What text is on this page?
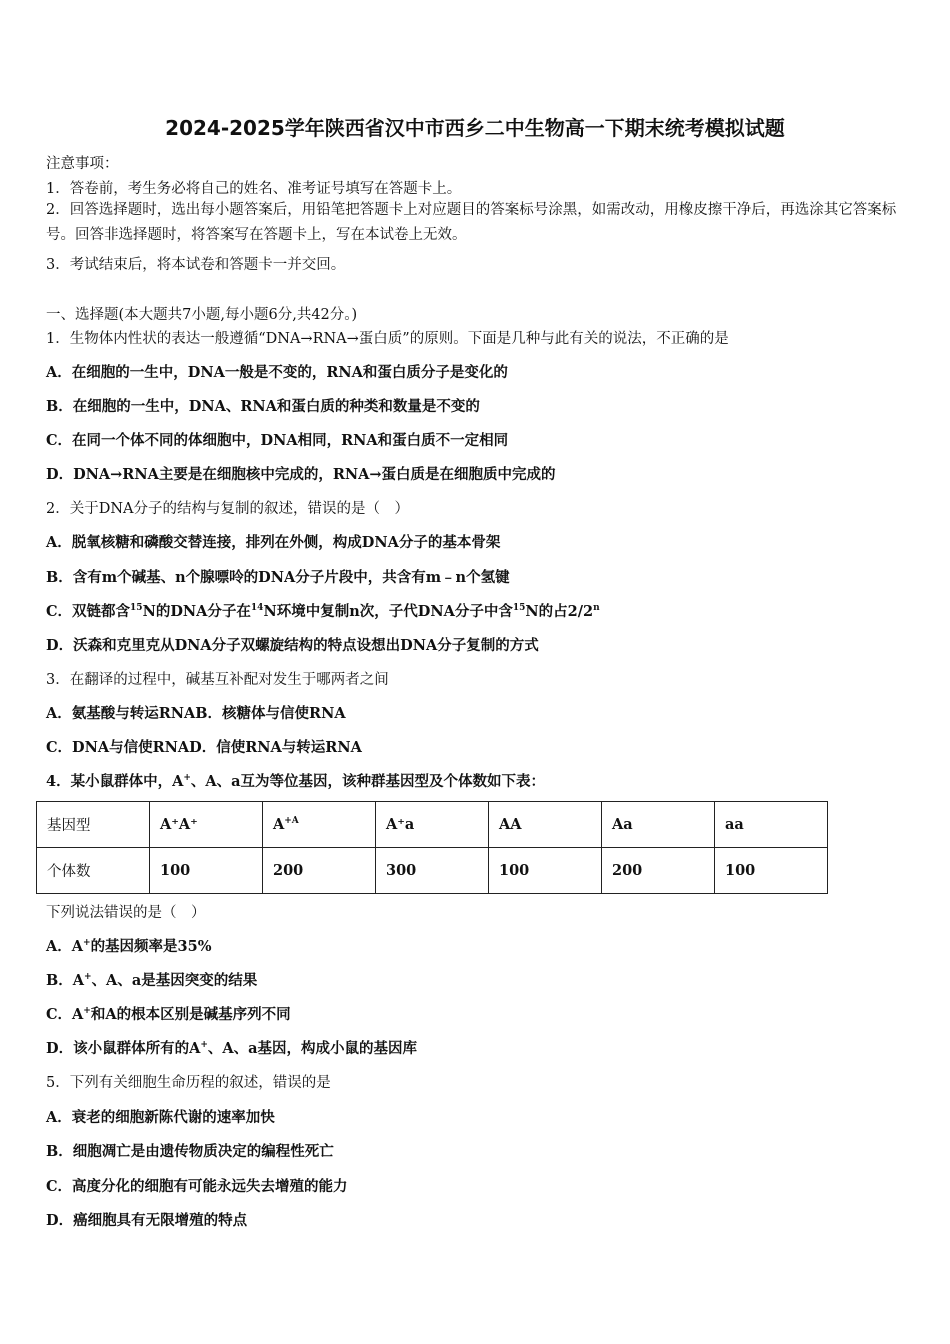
2024-2025学年陕西省汉中市西乡二中生物高一下期末统考模拟试题
注意事项：
1．答卷前，考生务必将自己的姓名、准考证号填写在答题卡上。
2．回答选择题时，选出每小题答案后，用铅笔把答题卡上对应题目的答案标号涂黑，如需改动，用橡皮擦干净后，再选涂其它答案标号。回答非选择题时，将答案写在答题卡上，写在本试卷上无效。
3．考试结束后，将本试卷和答题卡一并交回。
一、选择题(本大题共7小题,每小题6分,共42分。)
1．生物体内性状的表达一般遵循“DNA→RNA→蛋白质”的原则。下面是几种与此有关的说法，不正确的是
A．在细胞的一生中，DNA一般是不变的，RNA和蛋白质分子是变化的
B．在细胞的一生中，DNA、RNA和蛋白质的种类和数量是不变的
C．在同一个体不同的体细胞中，DNA相同，RNA和蛋白质不一定相同
D．DNA→RNA主要是在细胞核中完成的，RNA→蛋白质是在细胞质中完成的
2．关于DNA分子的结构与复制的叙述，错误的是（　）
A．脱氧核糖和磷酸交替连接，排列在外侧，构成DNA分子的基本骨架
B．含有m个碱基、n个腺嘌呤的DNA分子片段中，共含有m﹣n个氢键
C．双链都含$^{15}$N的DNA分子在$^{14}$N环境中复制n次，子代DNA分子中含$^{15}$N的占2/2$^n$
D．沃森和克里克从DNA分子双螺旋结构的特点设想出DNA分子复制的方式
3．在翻译的过程中，碱基互补配对发生于哪两者之间
A．氨基酸与转运RNAB．核糖体与信使RNA
C．DNA与信使RNAD．信使RNA与转运RNA
4．某小鼠群体中，A+、A、a互为等位基因，该种群基因型及个体数如下表：
基因型	A⁺A⁺	$A^{+A}$	A⁺a	AA	Aa	aa
个体数	100	200	300	100	200	100
下列说法错误的是（　）
A．A+的基因频率是35%
B．A+、A、a是基因突变的结果
C．A+和A的根本区别是碱基序列不同
D．该小鼠群体所有的A+、A、a基因，构成小鼠的基因库
5．下列有关细胞生命历程的叙述，错误的是
A．衰老的细胞新陈代谢的速率加快
B．细胞凋亡是由遗传物质决定的编程性死亡
C．高度分化的细胞有可能永远失去增殖的能力
D．癌细胞具有无限增殖的特点
